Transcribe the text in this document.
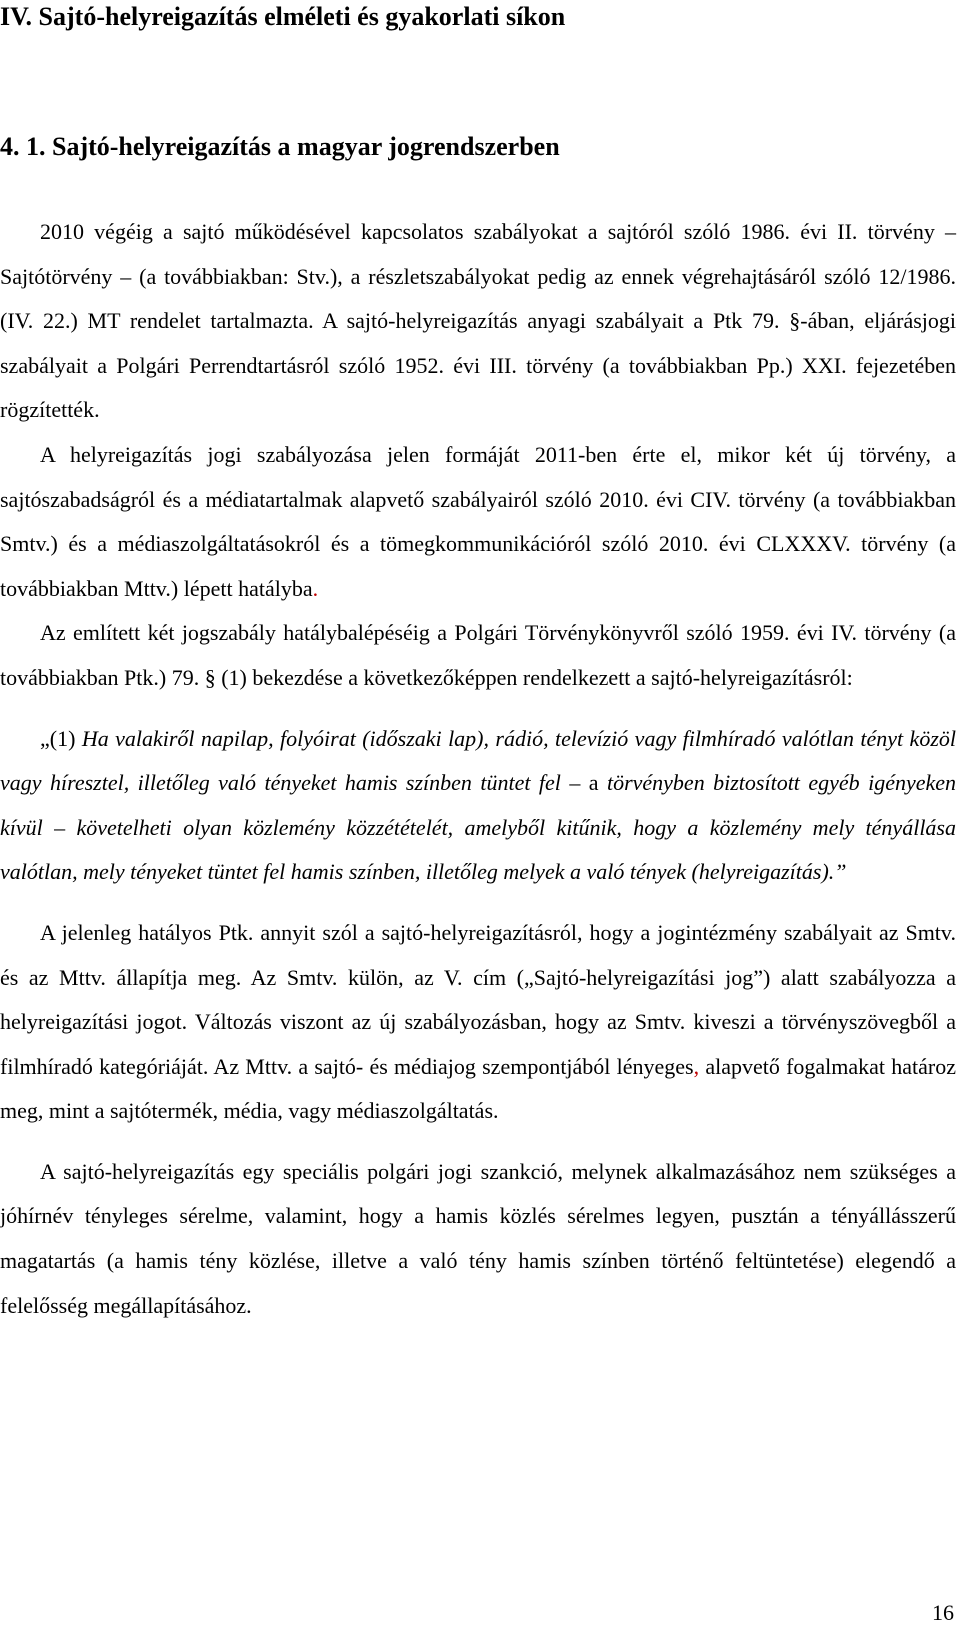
IV. Sajtó-helyreigazítás elméleti és gyakorlati síkon
4. 1. Sajtó-helyreigazítás a magyar jogrendszerben

2010 végéig a sajtó működésével kapcsolatos szabályokat a sajtóról szóló 1986. évi II. törvény – Sajtótörvény – (a továbbiakban: Stv.), a részletszabályokat pedig az ennek végrehajtásáról szóló 12/1986. (IV. 22.) MT rendelet tartalmazta. A sajtó-helyreigazítás anyagi szabályait a Ptk 79. §-ában, eljárásjogi szabályait a Polgári Perrendtartásról szóló 1952. évi III. törvény (a továbbiakban Pp.) XXI. fejezetében rögzítették.

A helyreigazítás jogi szabályozása jelen formáját 2011-ben érte el, mikor két új törvény, a sajtószabadságról és a médiatartalmak alapvető szabályairól szóló 2010. évi CIV. törvény (a továbbiakban Smtv.) és a médiaszolgáltatásokról és a tömegkommunikációról szóló 2010. évi CLXXXV. törvény (a továbbiakban Mttv.) lépett hatályba.

Az említett két jogszabály hatálybalépéséig a Polgári Törvénykönyvről szóló 1959. évi IV. törvény (a továbbiakban Ptk.) 79. § (1) bekezdése a következőképpen rendelkezett a sajtó-helyreigazításról:

„(1) Ha valakiről napilap, folyóirat (időszaki lap), rádió, televízió vagy filmhíradó valótlan tényt közöl vagy híresztel, illetőleg való tényeket hamis színben tüntet fel – a törvényben biztosított egyéb igényeken kívül – követelheti olyan közlemény közzétételét, amelyből kitűnik, hogy a közlemény mely tényállása valótlan, mely tényeket tüntet fel hamis színben, illetőleg melyek a való tények (helyreigazítás).”

A jelenleg hatályos Ptk. annyit szól a sajtó-helyreigazításról, hogy a jogintézmény szabályait az Smtv. és az Mttv. állapítja meg. Az Smtv. külön, az V. cím („Sajtó-helyreigazítási jog”) alatt szabályozza a helyreigazítási jogot. Változás viszont az új szabályozásban, hogy az Smtv. kiveszi a törvényszövegből a filmhíradó kategóriáját. Az Mttv. a sajtó- és médiajog szempontjából lényeges, alapvető fogalmakat határoz meg, mint a sajtótermék, média, vagy médiaszolgáltatás.

A sajtó-helyreigazítás egy speciális polgári jogi szankció, melynek alkalmazásához nem szükséges a jóhírnév tényleges sérelme, valamint, hogy a hamis közlés sérelmes legyen, pusztán a tényállásszerű magatartás (a hamis tény közlése, illetve a való tény hamis színben történő feltüntetése) elegendő a felelősség megállapításához.

16
